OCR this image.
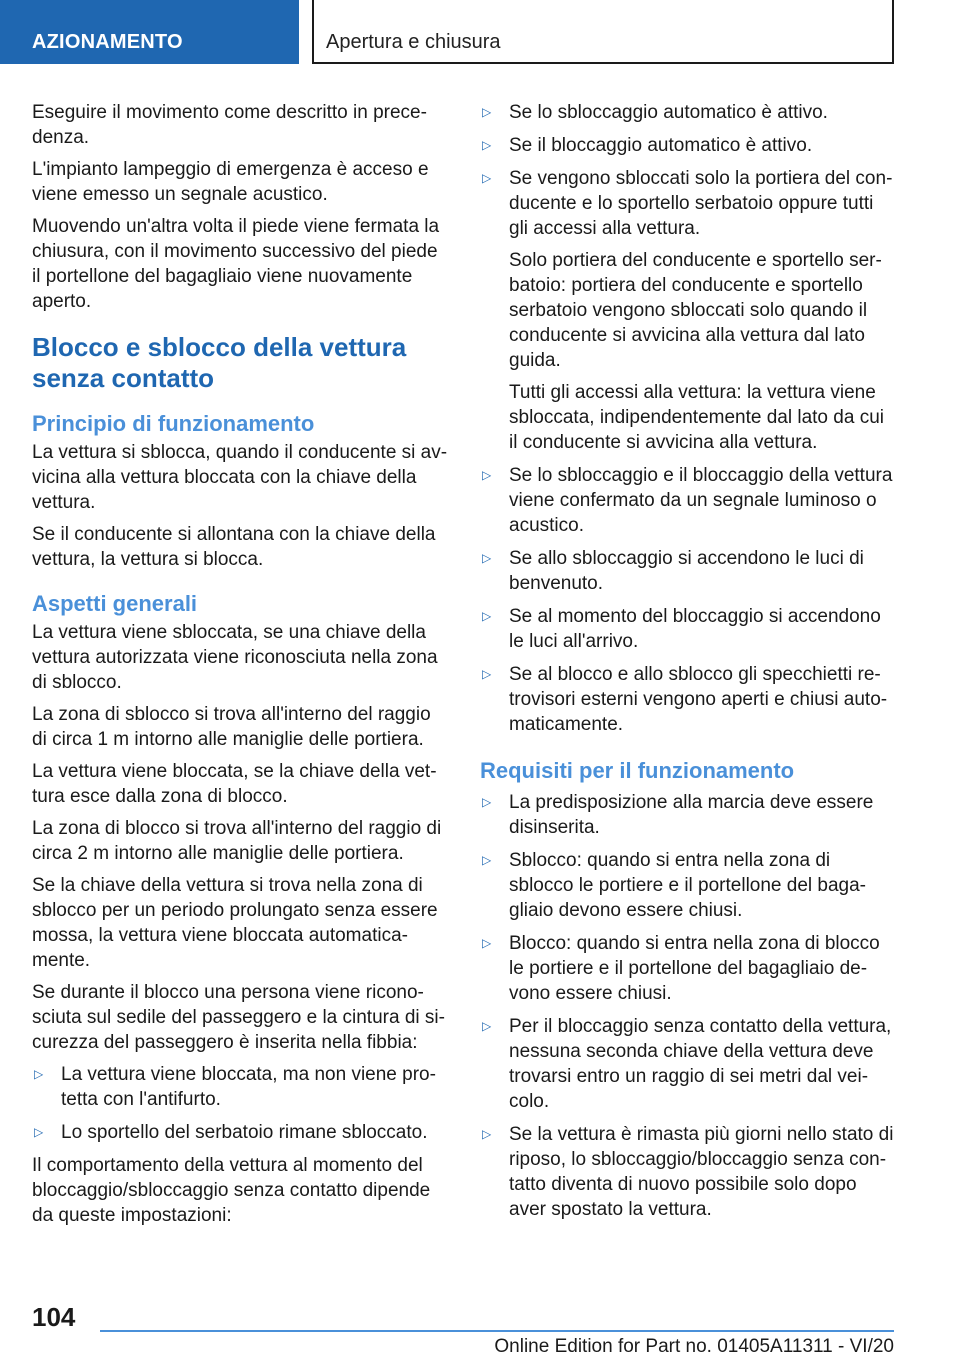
AZIONAMENTO	Apertura e chiusura

Eseguire il movimento come descritto in precedenza.

L'impianto lampeggio di emergenza è acceso e viene emesso un segnale acustico.

Muovendo un'altra volta il piede viene fermata la chiusura, con il movimento successivo del piede il portellone del bagagliaio viene nuovamente aperto.

Blocco e sblocco della vettura senza contatto
Principio di funzionamento

La vettura si sblocca, quando il conducente si avvicina alla vettura bloccata con la chiave della vettura.

Se il conducente si allontana con la chiave della vettura, la vettura si blocca.

Aspetti generali

La vettura viene sbloccata, se una chiave della vettura autorizzata viene riconosciuta nella zona di sblocco.

La zona di sblocco si trova all'interno del raggio di circa 1 m intorno alle maniglie delle portiera.

La vettura viene bloccata, se la chiave della vettura esce dalla zona di blocco.

La zona di blocco si trova all'interno del raggio di circa 2 m intorno alle maniglie delle portiera.

Se la chiave della vettura si trova nella zona di sblocco per un periodo prolungato senza essere mossa, la vettura viene bloccata automaticamente.

Se durante il blocco una persona viene riconosciuta sul sedile del passeggero e la cintura di sicurezza del passeggero è inserita nella fibbia:

▷ La vettura viene bloccata, ma non viene protetta con l'antifurto.
▷ Lo sportello del serbatoio rimane sbloccato.

Il comportamento della vettura al momento del bloccaggio/sbloccaggio senza contatto dipende da queste impostazioni:

▷ Se lo sbloccaggio automatico è attivo.
▷ Se il bloccaggio automatico è attivo.
▷ Se vengono sbloccati solo la portiera del conducente e lo sportello serbatoio oppure tutti gli accessi alla vettura.

Solo portiera del conducente e sportello serbatoio: portiera del conducente e sportello serbatoio vengono sbloccati solo quando il conducente si avvicina alla vettura dal lato guida.

Tutti gli accessi alla vettura: la vettura viene sbloccata, indipendentemente dal lato da cui il conducente si avvicina alla vettura.

▷ Se lo sbloccaggio e il bloccaggio della vettura viene confermato da un segnale luminoso o acustico.
▷ Se allo sbloccaggio si accendono le luci di benvenuto.
▷ Se al momento del bloccaggio si accendono le luci all'arrivo.
▷ Se al blocco e allo sblocco gli specchietti retrovisori esterni vengono aperti e chiusi automaticamente.
Requisiti per il funzionamento
▷ La predisposizione alla marcia deve essere disinserita.
▷ Sblocco: quando si entra nella zona di sblocco le portiere e il portellone del bagagliaio devono essere chiusi.
▷ Blocco: quando si entra nella zona di blocco le portiere e il portellone del bagagliaio devono essere chiusi.
▷ Per il bloccaggio senza contatto della vettura, nessuna seconda chiave della vettura deve trovarsi entro un raggio di sei metri dal veicolo.
▷ Se la vettura è rimasta più giorni nello stato di riposo, lo sbloccaggio/bloccaggio senza contatto diventa di nuovo possibile solo dopo aver spostato la vettura.
104
Online Edition for Part no. 01405A11311 - VI/20
